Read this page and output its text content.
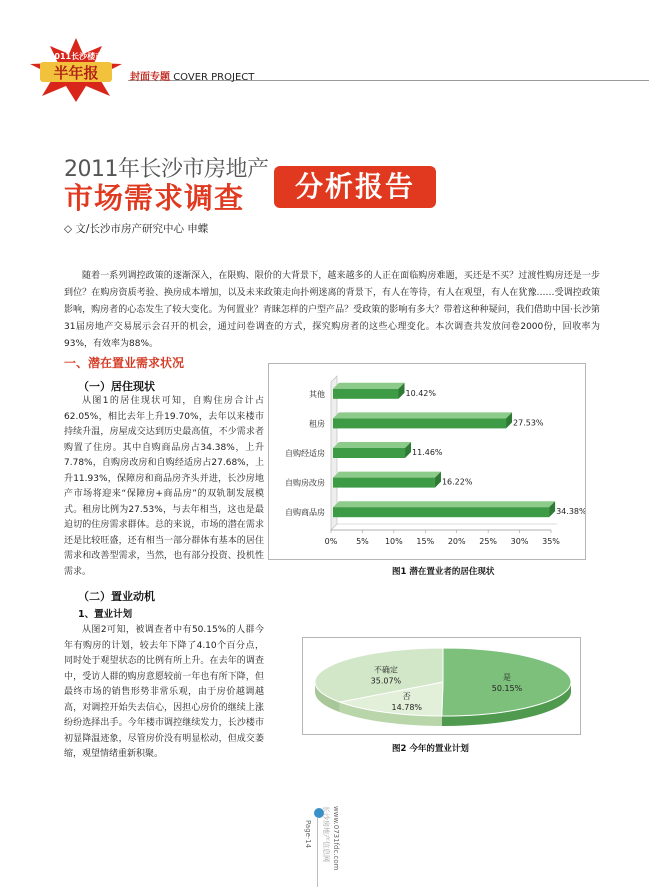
2011长沙楼市
半年报	封面专题 COVER PROJECT
2011年长沙市房地产
市场需求调查	分析报告
◇ 文/长沙市房产研究中心 申蝶
随着一系列调控政策的逐渐深入，在限购、限价的大背景下，越来越多的人正在面临购房难题，买还是不买？过渡性购房还是一步到位？在购房资质考验、换房成本增加，以及未来政策走向扑朔迷离的背景下，有人在等待，有人在观望，有人在犹豫……受调控政策影响，购房者的心态发生了较大变化。为何置业？青睐怎样的户型产品？受政策的影响有多大？带着这种种疑问，我们借助中国·长沙第31届房地产交易展示会召开的机会，通过问卷调查的方式，探究购房者的这些心理变化。本次调查共发放问卷2000份，回收率为93%，有效率为88%。
一、潜在置业需求状况
（一）居住现状
从图1的居住现状可知，自购住房合计占62.05%，相比去年上升19.70%，去年以来楼市持续升温，房屋成交达到历史最高值，不少需求者购置了住房。其中自购商品房占34.38%，上升7.78%，自购房改房和自购经适房占27.68%，上升11.93%，保障房和商品房齐头并进，长沙房地产市场将迎来“保障房+商品房”的双轨制发展模式。租房比例为27.53%，与去年相当，这也是最迫切的住房需求群体。总的来说，市场的潜在需求还是比较旺盛，还有相当一部分群体有基本的居住需求和改善型需求，当然，也有部分投资、投机性需求。
（二）置业动机
1、置业计划
从图2可知，被调查者中有50.15%的人群今年有购房的计划，较去年下降了4.10个百分点，同时处于观望状态的比例有所上升。在去年的调查中，受访人群的购房意愿较前一年也有所下降，但最终市场的销售形势非常乐观，由于房价越调越高，对调控开始失去信心，因担心房价的继续上涨纷纷选择出手。今年楼市调控继续发力，长沙楼市初显降温迹象，尽管房价没有明显松动，但成交萎缩，观望情绪重新积聚。
0% 5% 10% 15% 20% 25% 30% 35%
其他	10.42%
租房	27.53%
自购经适房	11.46%
自购房改房	16.22%
自购商品房	34.38%
图1 潜在置业者的居住现状
是
50.15%
否
14.78%
不确定
35.07%
图2 今年的置业计划
Page·14	www.0731fdc.com
长沙房地产信息网
